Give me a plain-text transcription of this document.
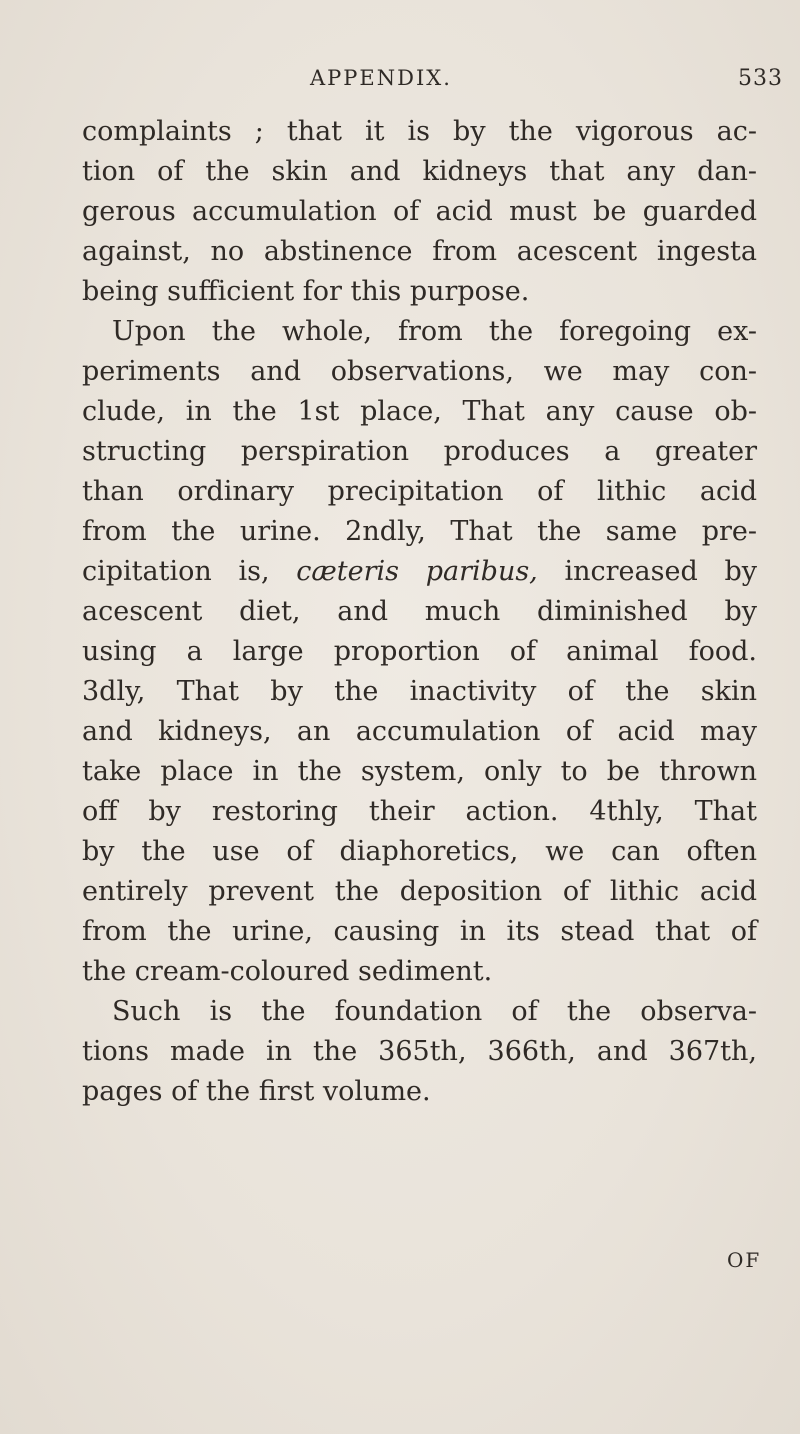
APPENDIX.	533
complaints ; that it is by the vigorous ac-
tion of the skin and kidneys that any dan-
gerous accumulation of acid must be guarded
against, no abstinence from acescent ingesta
being sufficient for this purpose.
Upon the whole, from the foregoing ex-
periments and observations, we may con-
clude, in the 1st place, That any cause ob-
structing perspiration produces a greater
than ordinary precipitation of lithic acid
from the urine. 2ndly, That the same pre-
cipitation is, cæteris paribus, increased by
acescent diet, and much diminished by
using a large proportion of animal food.
3dly, That by the inactivity of the skin
and kidneys, an accumulation of acid may
take place in the system, only to be thrown
off by restoring their action. 4thly, That
by the use of diaphoretics, we can often
entirely prevent the deposition of lithic acid
from the urine, causing in its stead that of
the cream-coloured sediment.
Such is the foundation of the observa-
tions made in the 365th, 366th, and 367th,
pages of the first volume.
OF
